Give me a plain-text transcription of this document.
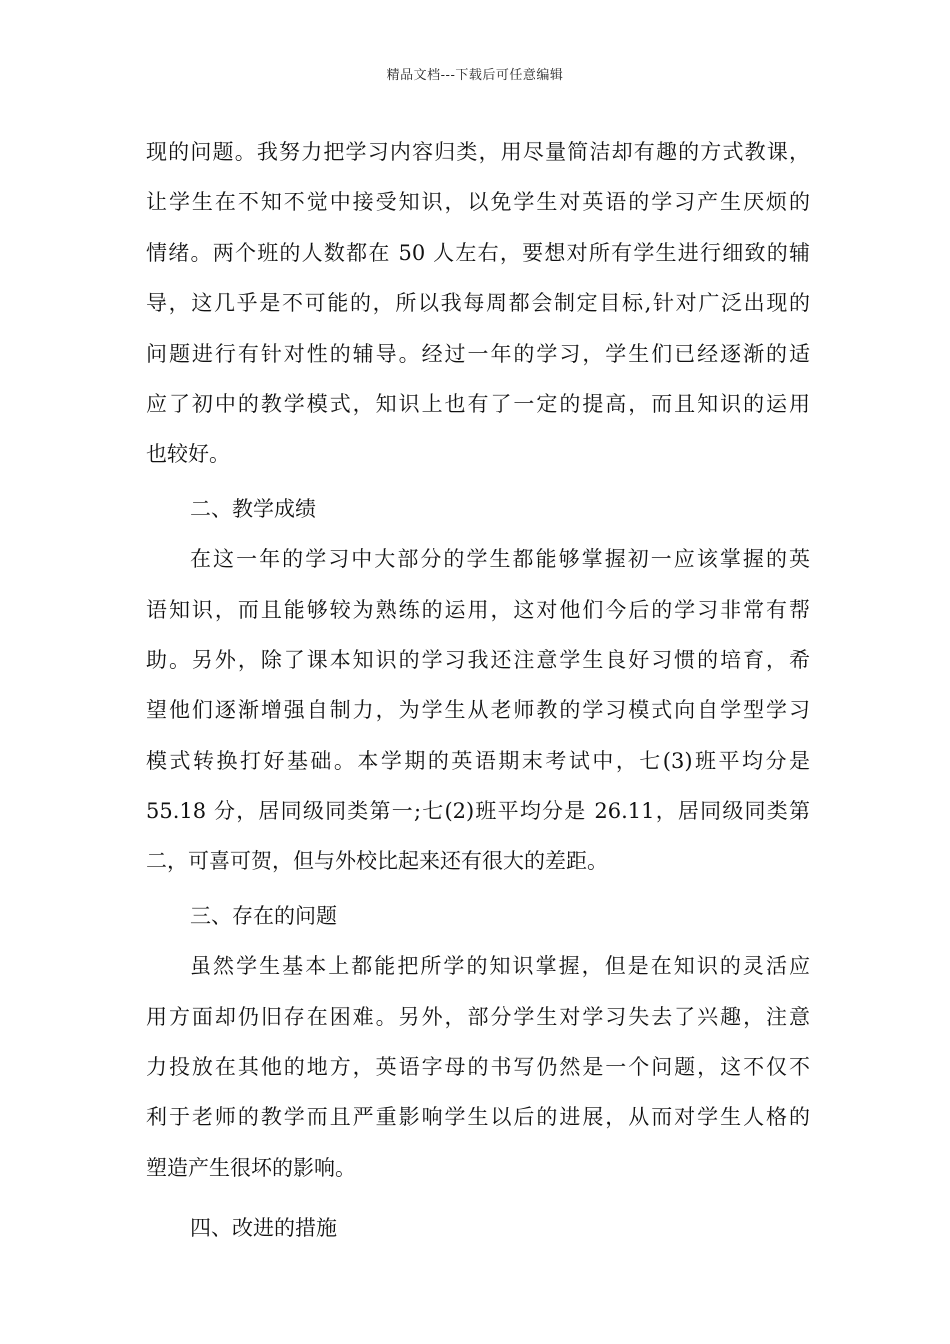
精品文档---下载后可任意编辑
现的问题。我努力把学习内容归类，用尽量简洁却有趣的方式教课，
让学生在不知不觉中接受知识，以免学生对英语的学习产生厌烦的
情绪。两个班的人数都在 50 人左右，要想对所有学生进行细致的辅
导，这几乎是不可能的，所以我每周都会制定目标,针对广泛出现的
问题进行有针对性的辅导。经过一年的学习，学生们已经逐渐的适
应了初中的教学模式，知识上也有了一定的提高，而且知识的运用
也较好。
二、教学成绩
在这一年的学习中大部分的学生都能够掌握初一应该掌握的英
语知识，而且能够较为熟练的运用，这对他们今后的学习非常有帮
助。另外，除了课本知识的学习我还注意学生良好习惯的培育，希
望他们逐渐增强自制力，为学生从老师教的学习模式向自学型学习
模式转换打好基础。本学期的英语期末考试中，七(3)班平均分是
55.18 分，居同级同类第一;七(2)班平均分是 26.11，居同级同类第
二，可喜可贺，但与外校比起来还有很大的差距。
三、存在的问题
虽然学生基本上都能把所学的知识掌握，但是在知识的灵活应
用方面却仍旧存在困难。另外，部分学生对学习失去了兴趣，注意
力投放在其他的地方，英语字母的书写仍然是一个问题，这不仅不
利于老师的教学而且严重影响学生以后的进展，从而对学生人格的
塑造产生很坏的影响。
四、改进的措施
